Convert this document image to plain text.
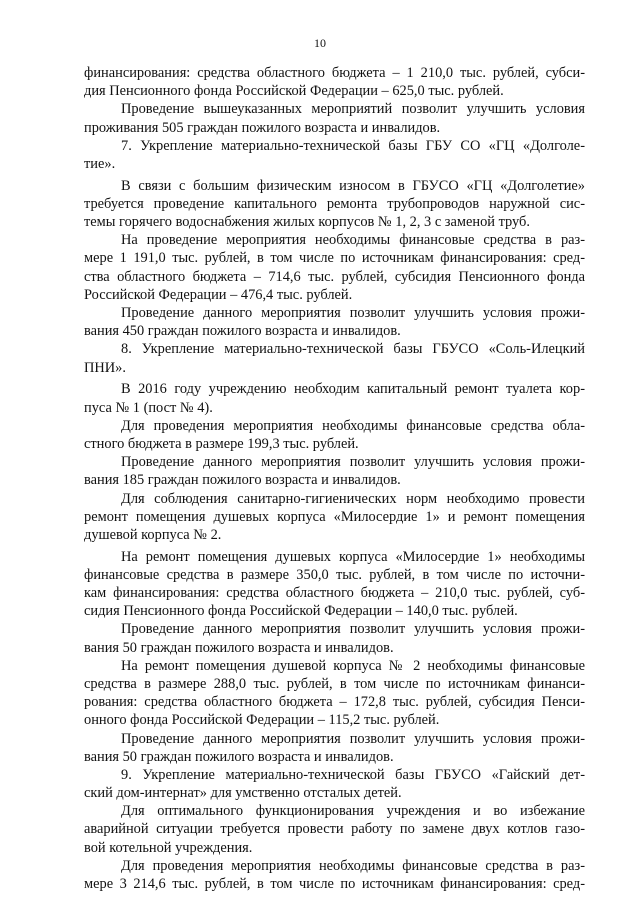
10
финансирования: средства областного бюджета – 1 210,0 тыс. рублей, субси-
дия Пенсионного фонда Российской Федерации – 625,0 тыс. рублей.
Проведение вышеуказанных мероприятий позволит улучшить условия
проживания 505 граждан пожилого возраста и инвалидов.
7. Укрепление материально-технической базы ГБУ СО «ГЦ «Долголе-
тие».
В связи с большим физическим износом в ГБУСО «ГЦ «Долголетие»
требуется проведение капитального ремонта трубопроводов наружной сис-
темы горячего водоснабжения жилых корпусов № 1, 2, 3 с заменой труб.
На проведение мероприятия необходимы финансовые средства в раз-
мере 1 191,0 тыс. рублей, в том числе по источникам финансирования: сред-
ства областного бюджета – 714,6 тыс. рублей, субсидия Пенсионного фонда
Российской Федерации – 476,4 тыс. рублей.
Проведение данного мероприятия позволит улучшить условия прожи-
вания 450 граждан пожилого возраста и инвалидов.
8. Укрепление материально-технической базы ГБУСО «Соль-Илецкий
ПНИ».
В 2016 году учреждению необходим капитальный ремонт туалета кор-
пуса № 1 (пост № 4).
Для проведения мероприятия необходимы финансовые средства обла-
стного бюджета в размере 199,3 тыс. рублей.
Проведение данного мероприятия позволит улучшить условия прожи-
вания 185 граждан пожилого возраста и инвалидов.
Для соблюдения санитарно-гигиенических норм необходимо провести
ремонт помещения душевых корпуса «Милосердие 1» и ремонт помещения
душевой корпуса № 2.
На ремонт помещения душевых корпуса «Милосердие 1» необходимы
финансовые средства в размере 350,0 тыс. рублей, в том числе по источни-
кам финансирования: средства областного бюджета – 210,0 тыс. рублей, суб-
сидия Пенсионного фонда Российской Федерации – 140,0 тыс. рублей.
Проведение данного мероприятия позволит улучшить условия прожи-
вания 50 граждан пожилого возраста и инвалидов.
На ремонт помещения душевой корпуса № 2 необходимы финансовые
средства в размере 288,0 тыс. рублей, в том числе по источникам финанси-
рования: средства областного бюджета – 172,8 тыс. рублей, субсидия Пенси-
онного фонда Российской Федерации – 115,2 тыс. рублей.
Проведение данного мероприятия позволит улучшить условия прожи-
вания 50 граждан пожилого возраста и инвалидов.
9. Укрепление материально-технической базы ГБУСО «Гайский дет-
ский дом-интернат» для умственно отсталых детей.
Для оптимального функционирования учреждения и во избежание
аварийной ситуации требуется провести работу по замене двух котлов газо-
вой котельной учреждения.
Для проведения мероприятия необходимы финансовые средства в раз-
мере 3 214,6 тыс. рублей, в том числе по источникам финансирования: сред-
